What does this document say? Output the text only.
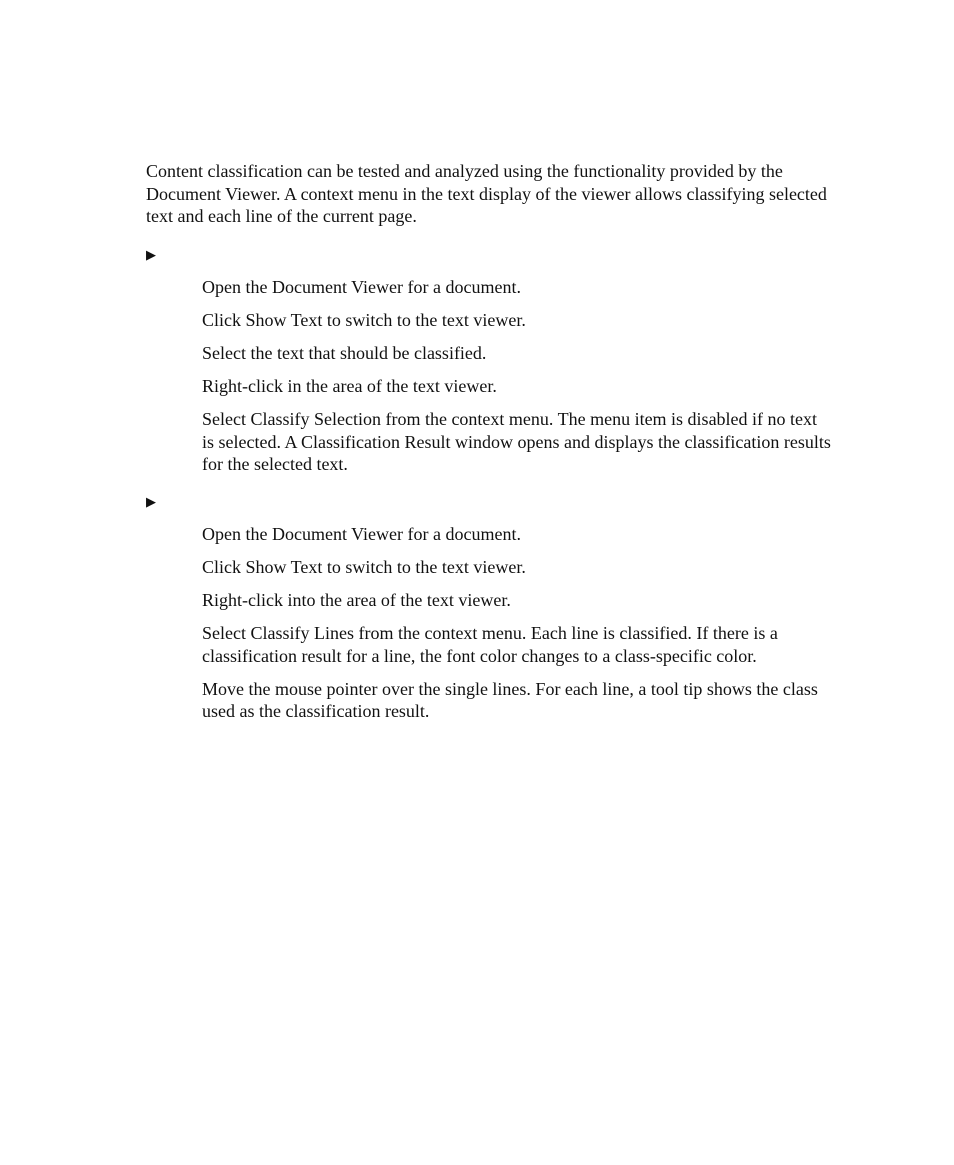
Content classification can be tested and analyzed using the functionality provided by the Document Viewer. A context menu in the text display of the viewer allows classifying selected text and each line of the current page.

▶
Open the Document Viewer for a document.
Click Show Text to switch to the text viewer.
Select the text that should be classified.
Right-click in the area of the text viewer.
Select Classify Selection from the context menu. The menu item is disabled if no text is selected. A Classification Result window opens and displays the classification results for the selected text.
▶
Open the Document Viewer for a document.
Click Show Text to switch to the text viewer.
Right-click into the area of the text viewer.
Select Classify Lines from the context menu. Each line is classified. If there is a classification result for a line, the font color changes to a class-specific color.
Move the mouse pointer over the single lines. For each line, a tool tip shows the class used as the classification result.
